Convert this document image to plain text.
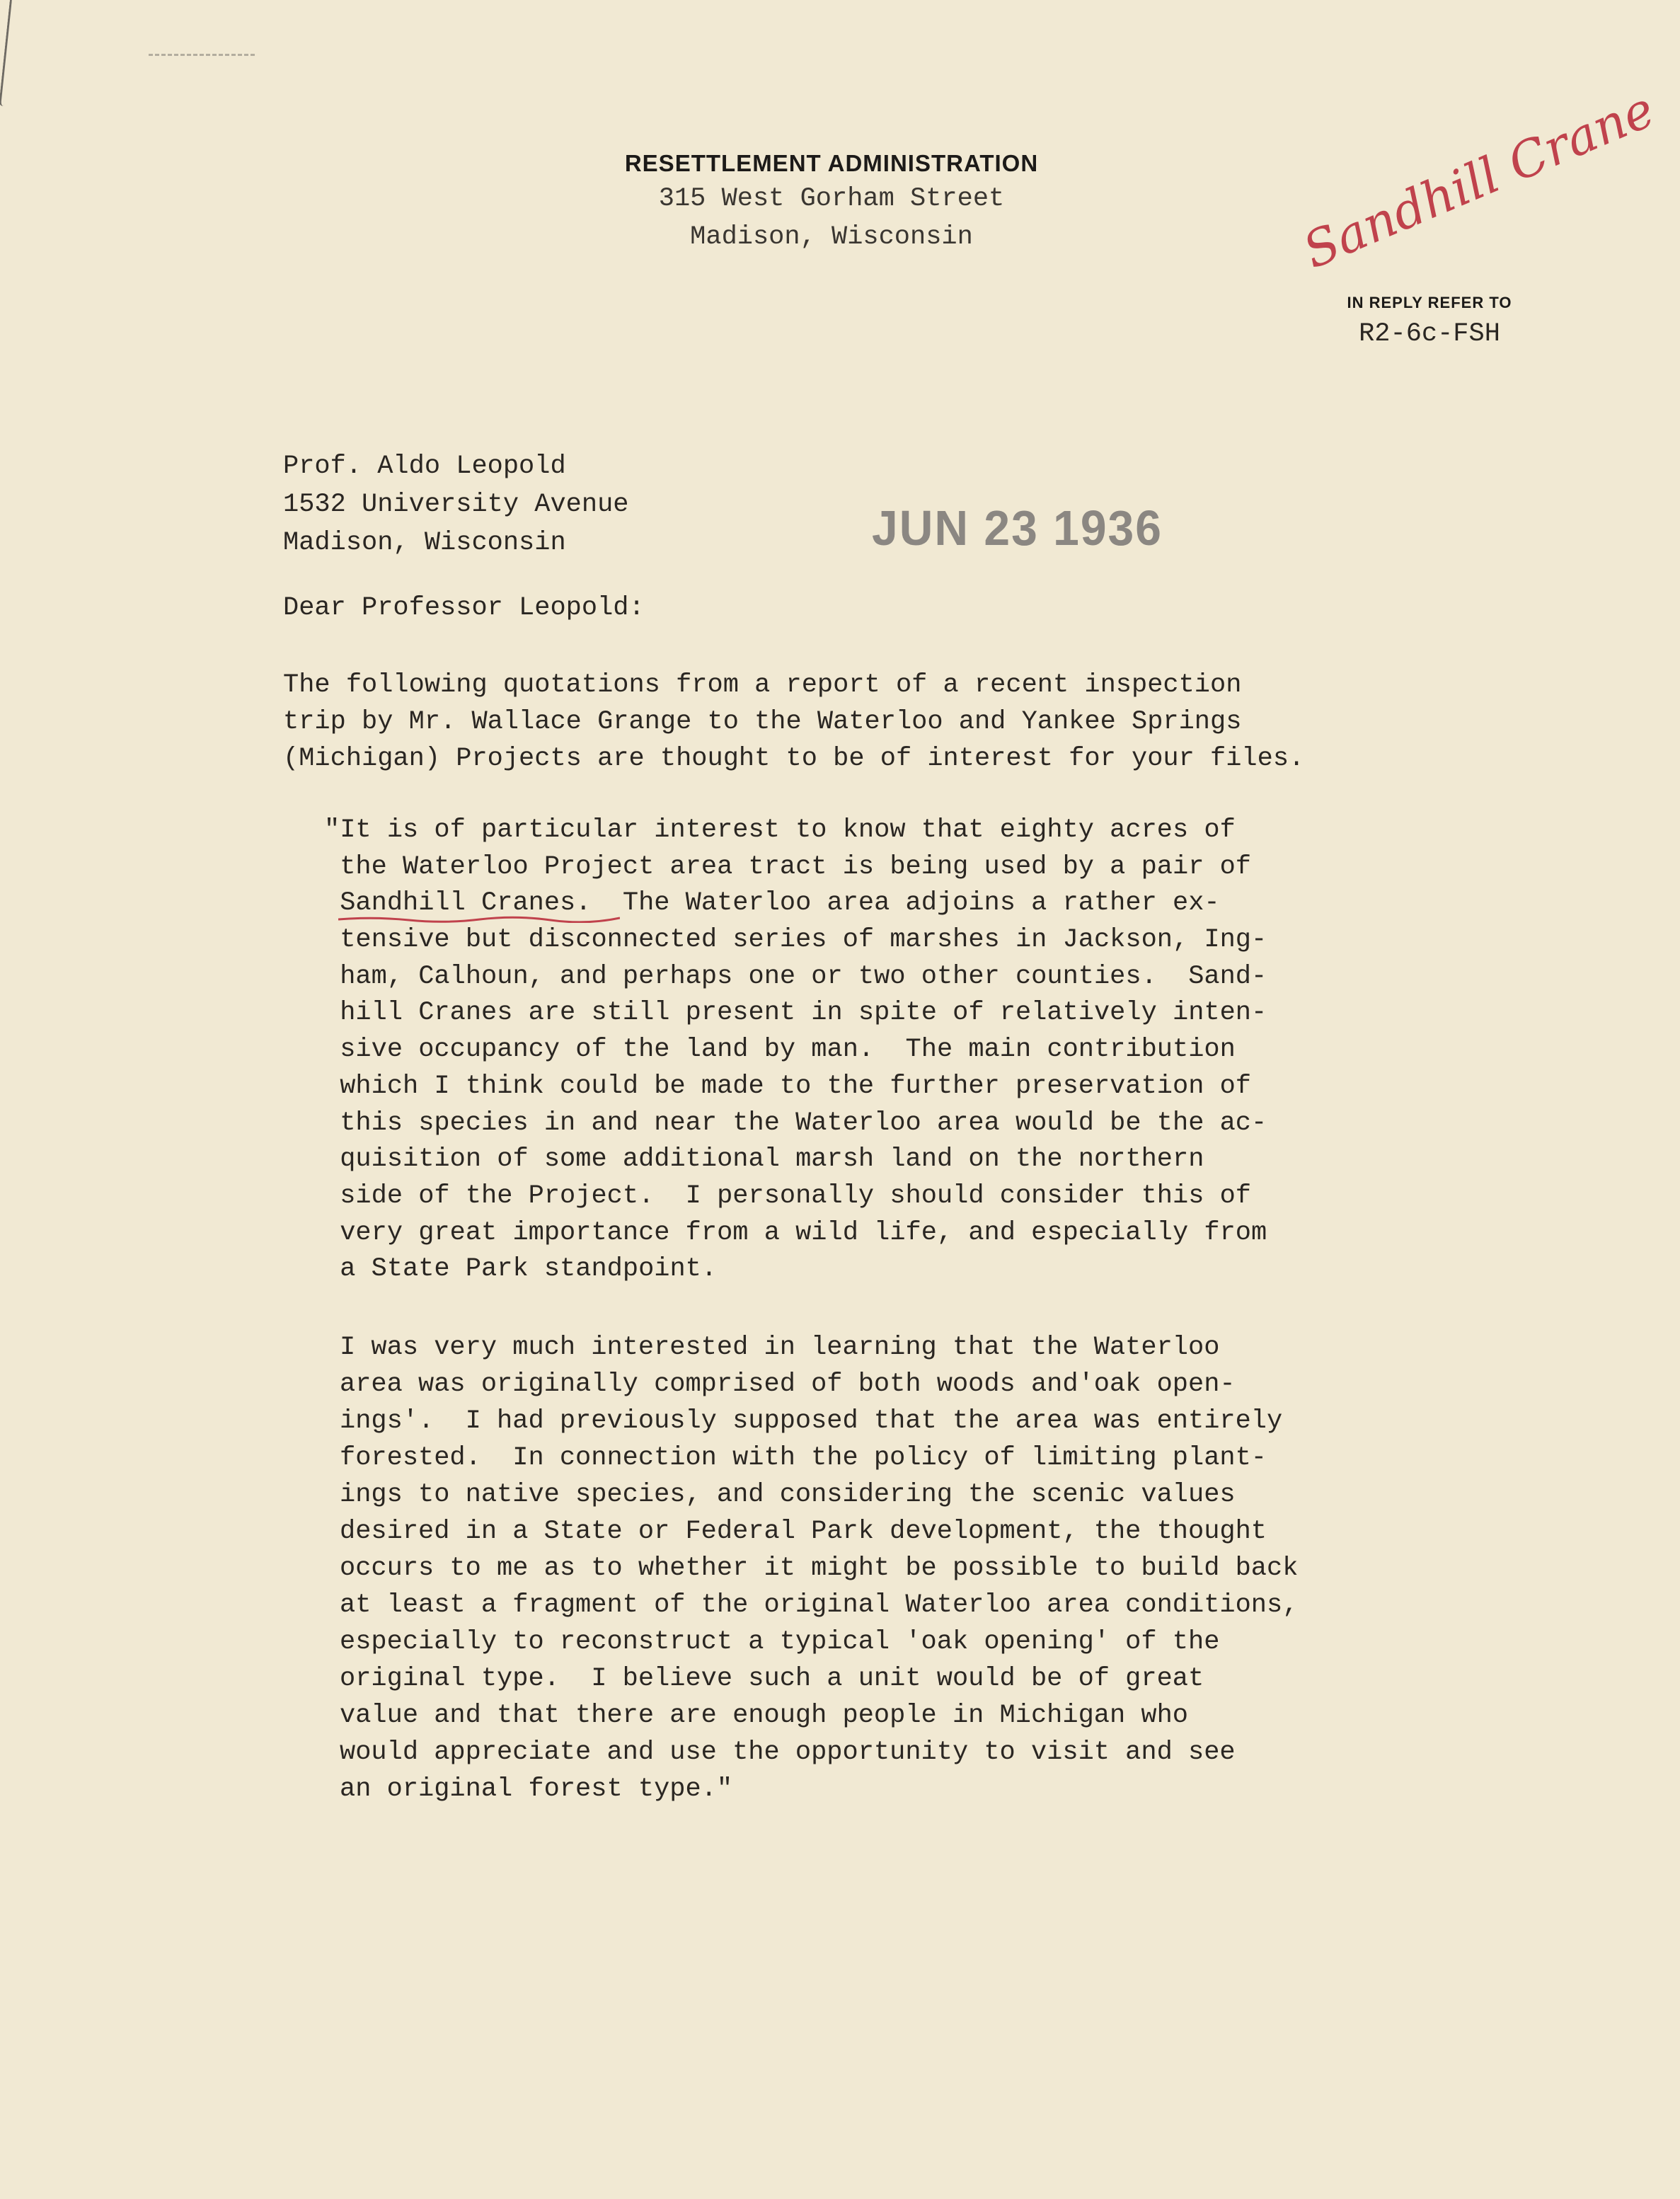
RESETTLEMENT ADMINISTRATION
315 West Gorham Street
Madison, Wisconsin	Sandhill Crane
IN REPLY REFER TO
R2-6c-FSH
Prof. Aldo Leopold
1532 University Avenue
Madison, Wisconsin	JUN 23 1936
Dear Professor Leopold:
The following quotations from a report of a recent inspection
trip by Mr. Wallace Grange to the Waterloo and Yankee Springs
(Michigan) Projects are thought to be of interest for your files.
"It is of particular interest to know that eighty acres of
the Waterloo Project area tract is being used by a pair of
Sandhill Cranes.  The Waterloo area adjoins a rather ex-
tensive but disconnected series of marshes in Jackson, Ing-
ham, Calhoun, and perhaps one or two other counties.  Sand-
hill Cranes are still present in spite of relatively inten-
sive occupancy of the land by man.  The main contribution
which I think could be made to the further preservation of
this species in and near the Waterloo area would be the ac-
quisition of some additional marsh land on the northern
side of the Project.  I personally should consider this of
very great importance from a wild life, and especially from
a State Park standpoint.
I was very much interested in learning that the Waterloo
area was originally comprised of both woods and'oak open-
ings'.  I had previously supposed that the area was entirely
forested.  In connection with the policy of limiting plant-
ings to native species, and considering the scenic values
desired in a State or Federal Park development, the thought
occurs to me as to whether it might be possible to build back
at least a fragment of the original Waterloo area conditions,
especially to reconstruct a typical 'oak opening' of the
original type.  I believe such a unit would be of great
value and that there are enough people in Michigan who
would appreciate and use the opportunity to visit and see
an original forest type."
